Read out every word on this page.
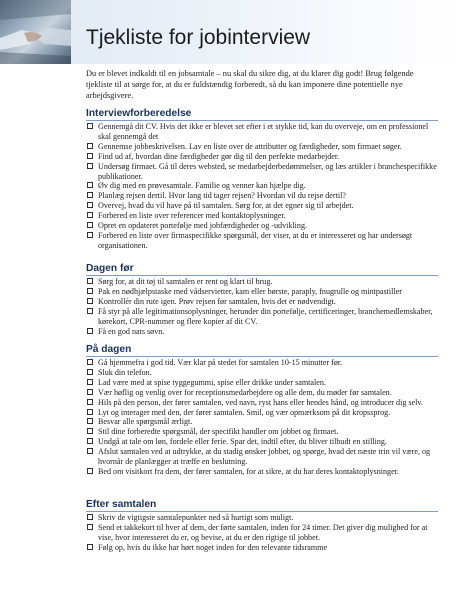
Tjekliste for jobinterview

Du er blevet indkaldt til en jobsamtale – nu skal du sikre dig, at du klarer dig godt! Brug følgende tjekliste til at sørge for, at du er fuldstændig forberedt, så du kan imponere dine potentielle nye arbejdsgivere.

Interviewforberedelse
Gennemgå dit CV. Hvis det ikke er blevet set efter i et stykke tid, kan du overveje, om en professionel skal gennemgå det
Gennemse jobbeskrivelsen. Lav en liste over de attributter og færdigheder, som firmaet søger.
Find ud af, hvordan dine færdigheder gør dig til den perfekte medarbejder.
Undersøg firmaet. Gå til deres websted, se medarbejderbedømmelser, og læs artikler i branchespecifikke publikationer.
Øv dig med en prøvesamtale. Familie og venner kan hjælpe dig.
Planlæg rejsen dertil. Hvor lang tid tager rejsen? Hvordan vil du rejse dertil?
Overvej, hvad du vil have på til samtalen. Sørg for, at det egner sig til arbejdet.
Forbered en liste over referencer med kontaktoplysninger.
Opret en opdateret portefølje med jobfærdigheder og -udvikling.
Forbered en liste over firmaspecifikke spørgsmål, der viser, at du er interesseret og har undersøgt organisationen.
Dagen før
Sørg for, at dit tøj til samtalen er rent og klart til brug.
Pak en nødhjælpstaske med vådservietter, kam eller børste, paraply, fnugrulle og mintpastiller
Kontrollér din rute igen. Prøv rejsen før samtalen, hvis det er nødvendigt.
Få styr på alle legitimationsoplysninger, herunder din portefølje, certificeringer, branchemedlemskaber, kørekort, CPR-nummer og flere kopier af dit CV.
Få en god nats søvn.
På dagen
Gå hjemmefra i god tid. Vær klar på stedet for samtalen 10-15 minutter før.
Sluk din telefon.
Lad være med at spise tyggegummi, spise eller drikke under samtalen.
Vær høflig og venlig over for receptionsmedarbejdere og alle dem, du møder før samtalen.
Hils på den person, der fører samtalen, ved navn, ryst hans eller hendes hånd, og introducer dig selv.
Lyt og interager med den, der fører samtalen. Smil, og vær opmærksom på dit kropssprog.
Besvar alle spørgsmål ærligt.
Stil dine forberedte spørgsmål, der specifikt handler om jobbet og firmaet.
Undgå at tale om løn, fordele eller ferie. Spar det, indtil efter, du bliver tilbudt en stilling.
Afslut samtalen ved at udtrykke, at du stadig ønsker jobbet, og spørge, hvad det næste trin vil være, og hvornår de planlægger at træffe en beslutning.
Bed om visitkort fra dem, der fører samtalen, for at sikre, at du har deres kontaktoplysninger.
Efter samtalen
Skriv de vigtigste samtalepunkter ned så hurtigt som muligt.
Send et takkekort til hver af dem, der førte samtalen, inden for 24 timer. Det giver dig mulighed for at vise, hvor interesseret du er, og bevise, at du er den rigtige til jobbet.
Følg op, hvis du ikke har hørt noget inden for den relevante tidsramme
